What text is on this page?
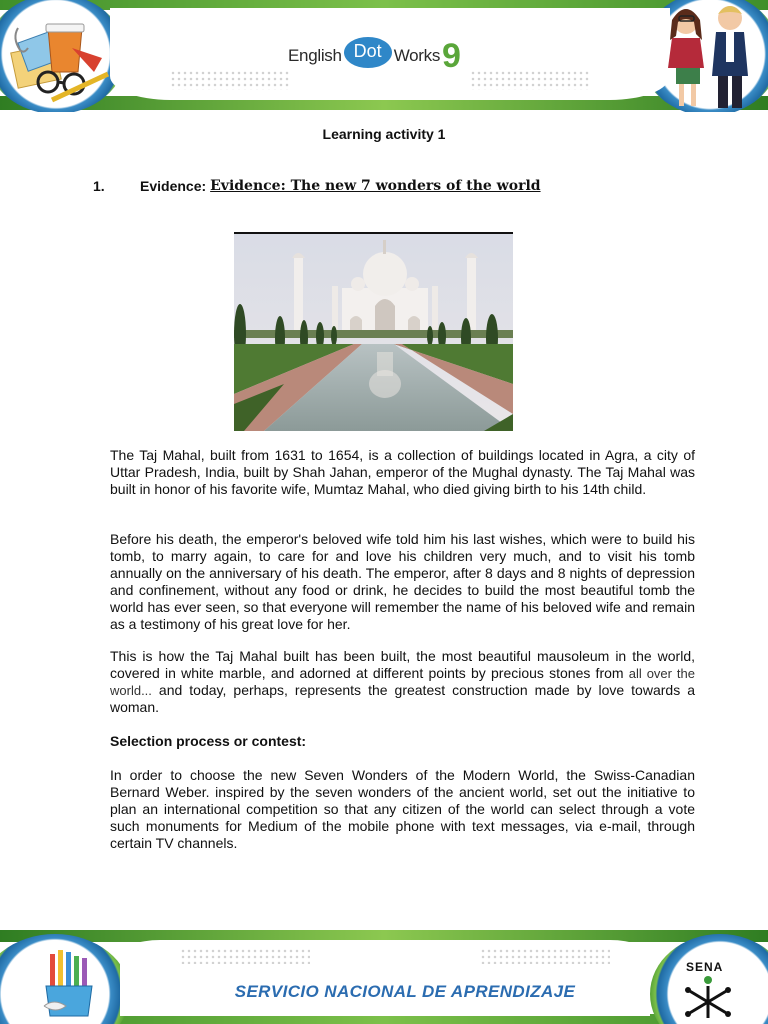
English Dot Works 9
Learning activity 1
1.	Evidence: Evidence: The new 7 wonders of the world

The Taj Mahal, built from 1631 to 1654, is a collection of buildings located in Agra, a city of Uttar Pradesh, India, built by Shah Jahan, emperor of the Mughal dynasty. The Taj Mahal was built in honor of his favorite wife, Mumtaz Mahal, who died giving birth to his 14th child.

Before his death, the emperor's beloved wife told him his last wishes, which were to build his tomb, to marry again, to care for and love his children very much, and to visit his tomb annually on the anniversary of his death. The emperor, after 8 days and 8 nights of depression and confinement, without any food or drink, he decides to build the most beautiful tomb the world has ever seen, so that everyone will remember the name of his beloved wife and remain as a testimony of his great love for her.

This is how the Taj Mahal built has been built, the most beautiful mausoleum in the world, covered in white marble, and adorned at different points by precious stones from all over the world... and today, perhaps, represents the greatest construction made by love towards a woman.

Selection process or contest:

In order to choose the new Seven Wonders of the Modern World, the Swiss-Canadian Bernard Weber. inspired by the seven wonders of the ancient world, set out the initiative to plan an international competition so that any citizen of the world can select through a vote such monuments for Medium of the mobile phone with text messages, via e-mail, through certain TV channels.

SERVICIO NACIONAL DE APRENDIZAJE
SENA
